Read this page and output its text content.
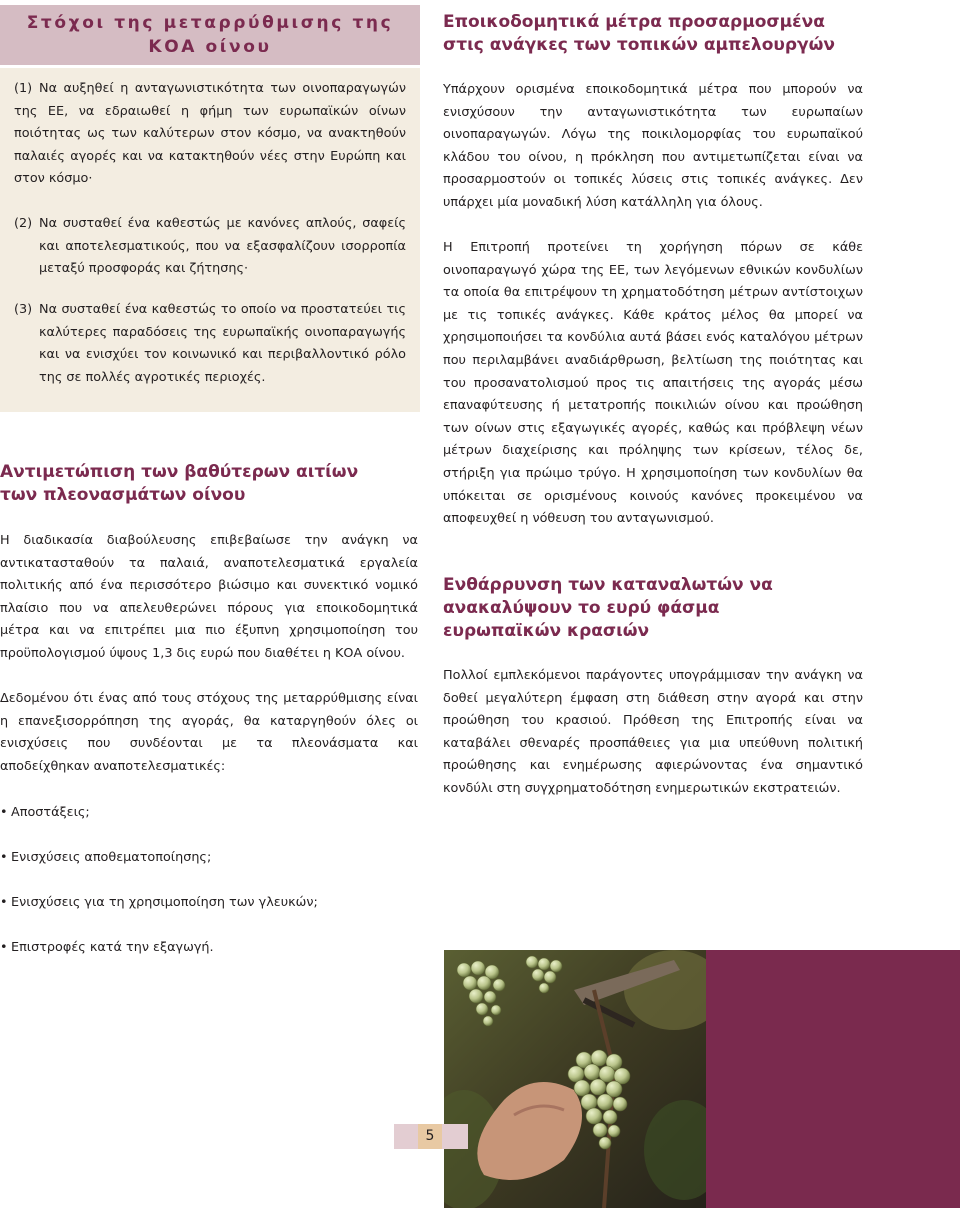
Στόχοι της μεταρρύθμισης της
ΚΟΑ οίνου
(1) Να αυξηθεί η ανταγωνιστικότητα των οινοπαραγωγών της ΕΕ, να εδραιωθεί η φήμη των ευρωπαϊκών οίνων ποιότητας ως των καλύτερων στον κόσμο, να ανακτηθούν παλαιές αγορές και να κατακτηθούν νέες στην Ευρώπη και στον κόσμο·
(2) Να συσταθεί ένα καθεστώς με κανόνες απλούς, σαφείς και αποτελεσματικούς, που να εξασφαλίζουν ισορροπία μεταξύ προσφοράς και ζήτησης·
(3) Να συσταθεί ένα καθεστώς το οποίο να προστατεύει τις καλύτερες παραδόσεις της ευρωπαϊκής οινοπαραγωγής και να ενισχύει τον κοινωνικό και περιβαλλοντικό ρόλο της σε πολλές αγροτικές περιοχές.
Αντιμετώπιση των βαθύτερων αιτίων των πλεονασμάτων οίνου
Η διαδικασία διαβούλευσης επιβεβαίωσε την ανάγκη να αντικατασταθούν τα παλαιά, αναποτελεσματικά εργαλεία πολιτικής από ένα περισσότερο βιώσιμο και συνεκτικό νομικό πλαίσιο που να απελευθερώνει πόρους για εποικοδομητικά μέτρα και να επιτρέπει μια πιο έξυπνη χρησιμοποίηση του προϋπολογισμού ύψους 1,3 δις ευρώ που διαθέτει η ΚΟΑ οίνου.
Δεδομένου ότι ένας από τους στόχους της μεταρρύθμισης είναι η επανεξισορρόπηση της αγοράς, θα καταργηθούν όλες οι ενισχύσεις που συνδέονται με τα πλεονάσματα και αποδείχθηκαν αναποτελεσματικές:
• Αποστάξεις;
• Ενισχύσεις αποθεματοποίησης;
• Ενισχύσεις για τη χρησιμοποίηση των γλευκών;
• Επιστροφές κατά την εξαγωγή.
Εποικοδομητικά μέτρα προσαρμοσμένα στις ανάγκες των τοπικών αμπελουργών
Υπάρχουν ορισμένα εποικοδομητικά μέτρα που μπορούν να ενισχύσουν την ανταγωνιστικότητα των ευρωπαίων οινοπαραγωγών. Λόγω της ποικιλομορφίας του ευρωπαϊκού κλάδου του οίνου, η πρόκληση που αντιμετωπίζεται είναι να προσαρμοστούν οι τοπικές λύσεις στις τοπικές ανάγκες. Δεν υπάρχει μία μοναδική λύση κατάλληλη για όλους.
Η Επιτροπή προτείνει τη χορήγηση πόρων σε κάθε οινοπαραγωγό χώρα της ΕΕ, των λεγόμενων εθνικών κονδυλίων τα οποία θα επιτρέψουν τη χρηματοδότηση μέτρων αντίστοιχων με τις τοπικές ανάγκες. Κάθε κράτος μέλος θα μπορεί να χρησιμοποιήσει τα κονδύλια αυτά βάσει ενός καταλόγου μέτρων που περιλαμβάνει αναδιάρθρωση, βελτίωση της ποιότητας και του προσανατολισμού προς τις απαιτήσεις της αγοράς μέσω επαναφύτευσης ή μετατροπής ποικιλιών οίνου και προώθηση των οίνων στις εξαγωγικές αγορές, καθώς και πρόβλεψη νέων μέτρων διαχείρισης και πρόληψης των κρίσεων, τέλος δε, στήριξη για πρώιμο τρύγο. Η χρησιμοποίηση των κονδυλίων θα υπόκειται σε ορισμένους κοινούς κανόνες προκειμένου να αποφευχθεί η νόθευση του ανταγωνισμού.
Ενθάρρυνση των καταναλωτών να ανακαλύψουν το ευρύ φάσμα ευρωπαϊκών κρασιών
Πολλοί εμπλεκόμενοι παράγοντες υπογράμμισαν την ανάγκη να δοθεί μεγαλύτερη έμφαση στη διάθεση στην αγορά και στην προώθηση του κρασιού. Πρόθεση της Επιτροπής είναι να καταβάλει σθεναρές προσπάθειες για μια υπεύθυνη πολιτική προώθησης και ενημέρωσης αφιερώνοντας ένα σημαντικό κονδύλι στη συγχρηματοδότηση ενημερωτικών εκστρατειών.
5
